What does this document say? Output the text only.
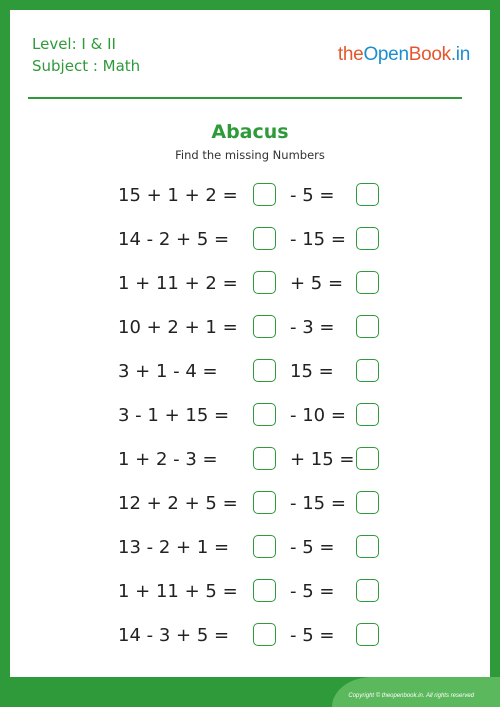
Level: I & II
Subject : Math
theOpenBook.in
Abacus
Find the missing Numbers
15 + 1 + 2 =	- 5 =
14 - 2 + 5 =	- 15 =
1 + 11 + 2 =	+ 5 =
10 + 2 + 1 =	- 3 =
3 + 1 - 4 =	15 =
3 - 1 + 15 =	- 10 =
1 + 2 - 3 =	+ 15 =
12 + 2 + 5 =	- 15 =
13 - 2 + 1 =	- 5 =
1 + 11 + 5 =	- 5 =
14 - 3 + 5 =	- 5 =
Copyright © theopenbook.in. All rights reserved
